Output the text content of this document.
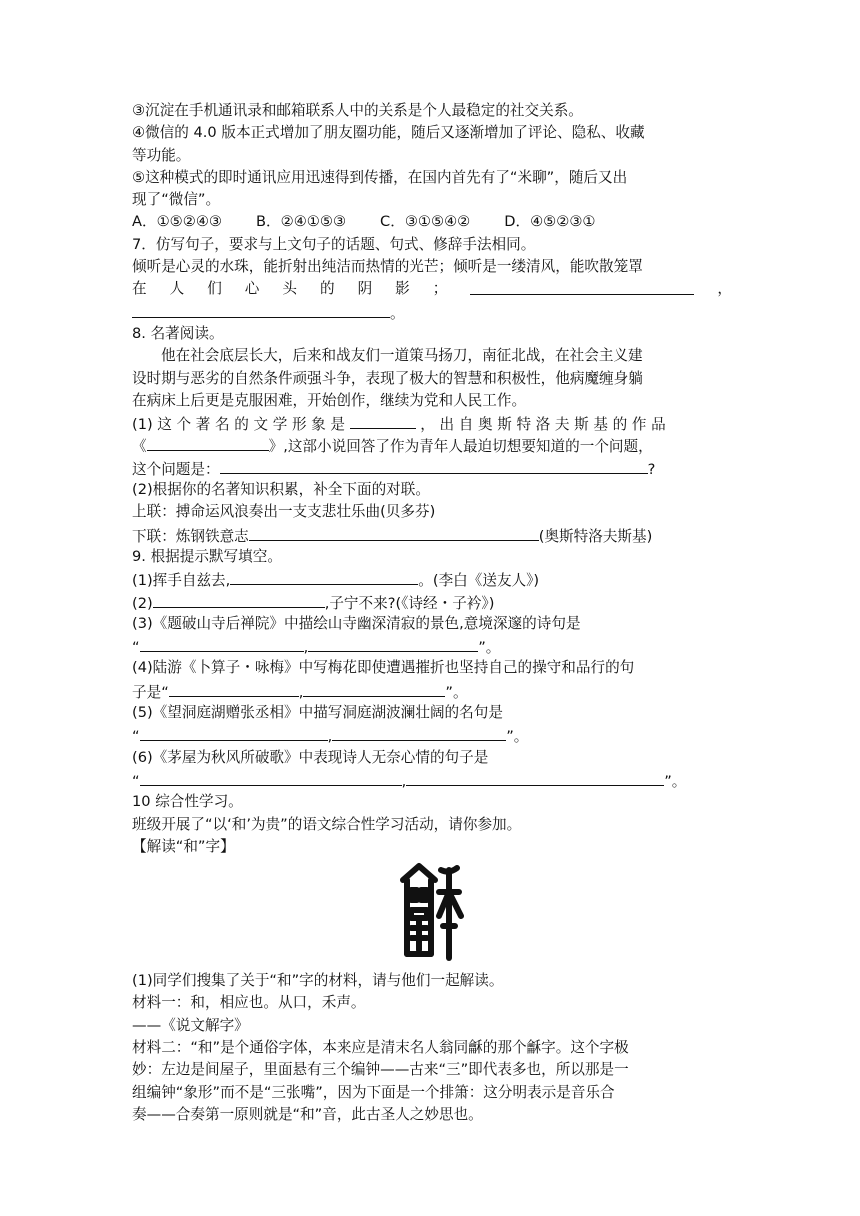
③沉淀在手机通讯录和邮箱联系人中的关系是个人最稳定的社交关系。
④微信的 4.0 版本正式增加了朋友圈功能，随后又逐渐增加了评论、隐私、收藏
等功能。
⑤这种模式的即时通讯应用迅速得到传播，在国内首先有了“米聊”，随后又出
现了“微信”。
A．①⑤②④③ B．②④①⑤③ C．③①⑤④② D．④⑤②③①
7．仿写句子，要求与上文句子的话题、句式、修辞手法相同。
倾听是心灵的水珠，能折射出纯洁而热情的光芒；倾听是一缕清风，能吹散笼罩
在 人 们 心 头 的 阴 影 ；	，
。
8. 名著阅读。
他在社会底层长大，后来和战友们一道策马扬刀，南征北战，在社会主义建
设时期与恶劣的自然条件顽强斗争，表现了极大的智慧和积极性，他病魔缠身躺
在病床上后更是克服困难，开始创作，继续为党和人民工作。
(1) 这 个 著 名 的 文 学 形 象 是	， 出 自 奥 斯 特 洛 夫 斯 基 的 作 品
《	》,这部小说回答了作为青年人最迫切想要知道的一个问题，
这个问题是：	?
(2)根据你的名著知识积累，补全下面的对联。
上联：搏命运风浪奏出一支支悲壮乐曲(贝多芬)
下联：炼钢铁意志	(奥斯特洛夫斯基)
9. 根据提示默写填空。
(1)挥手自兹去,	。(李白《送友人》)
(2)	,子宁不来?(《诗经・子衿》)
(3)《题破山寺后禅院》中描绘山寺幽深清寂的景色,意境深邃的诗句是
“	,	”。
(4)陆游《卜算子・咏梅》中写梅花即使遭遇摧折也坚持自己的操守和品行的句
子是“	,	”。
(5)《望洞庭湖赠张丞相》中描写洞庭湖波澜壮阔的名句是
“	,	”。
(6)《茅屋为秋风所破歌》中表现诗人无奈心情的句子是
“	,	”。
10 综合性学习。
班级开展了“以‘和’为贵”的语文综合性学习活动，请你参加。
【解读“和”字】
(1)同学们搜集了关于“和”字的材料，请与他们一起解读。
材料一：和，相应也。从口，禾声。
——《说文解字》
材料二：“和”是个通俗字体，本来应是清末名人翁同龢的那个龢字。这个字极
妙：左边是间屋子，里面悬有三个编钟——古来“三”即代表多也，所以那是一
组编钟“象形”而不是“三张嘴”，因为下面是一个排箫：这分明表示是音乐合
奏——合奏第一原则就是“和”音，此古圣人之妙思也。
